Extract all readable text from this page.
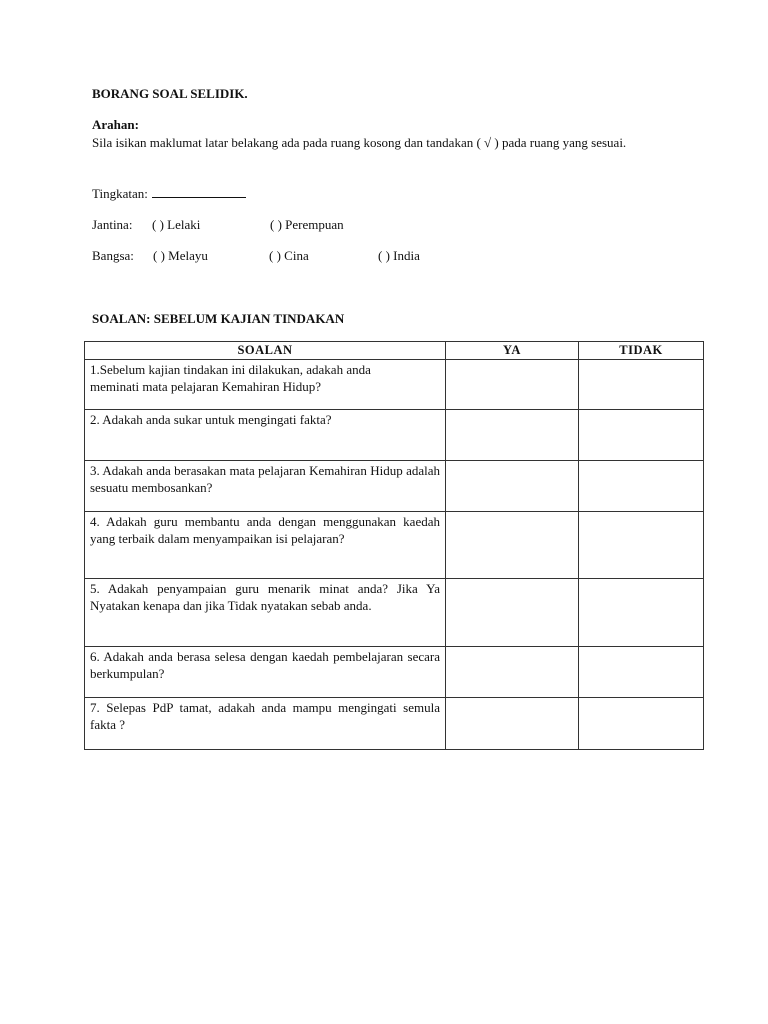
BORANG SOAL SELIDIK.
Arahan:
Sila isikan maklumat latar belakang ada pada ruang kosong dan tandakan ( √ ) pada ruang yang sesuai.
Tingkatan:
Jantina: ( ) Lelaki	( ) Perempuan
Bangsa: ( ) Melayu	( ) Cina	( ) India
SOALAN: SEBELUM KAJIAN TINDAKAN
SOALAN	YA	TIDAK
1.Sebelum kajian tindakan ini dilakukan, adakah anda
meminati mata pelajaran Kemahiran Hidup?		
2. Adakah anda sukar untuk mengingati fakta?		
3. Adakah anda berasakan mata pelajaran Kemahiran Hidup adalah sesuatu membosankan?		
4. Adakah guru membantu anda dengan menggunakan kaedah yang terbaik dalam menyampaikan isi pelajaran?		
5. Adakah penyampaian guru menarik minat anda? Jika Ya Nyatakan kenapa dan jika Tidak nyatakan sebab anda.		
6. Adakah anda berasa selesa dengan kaedah pembelajaran secara berkumpulan?		
7. Selepas PdP tamat, adakah anda mampu mengingati semula fakta ?		
